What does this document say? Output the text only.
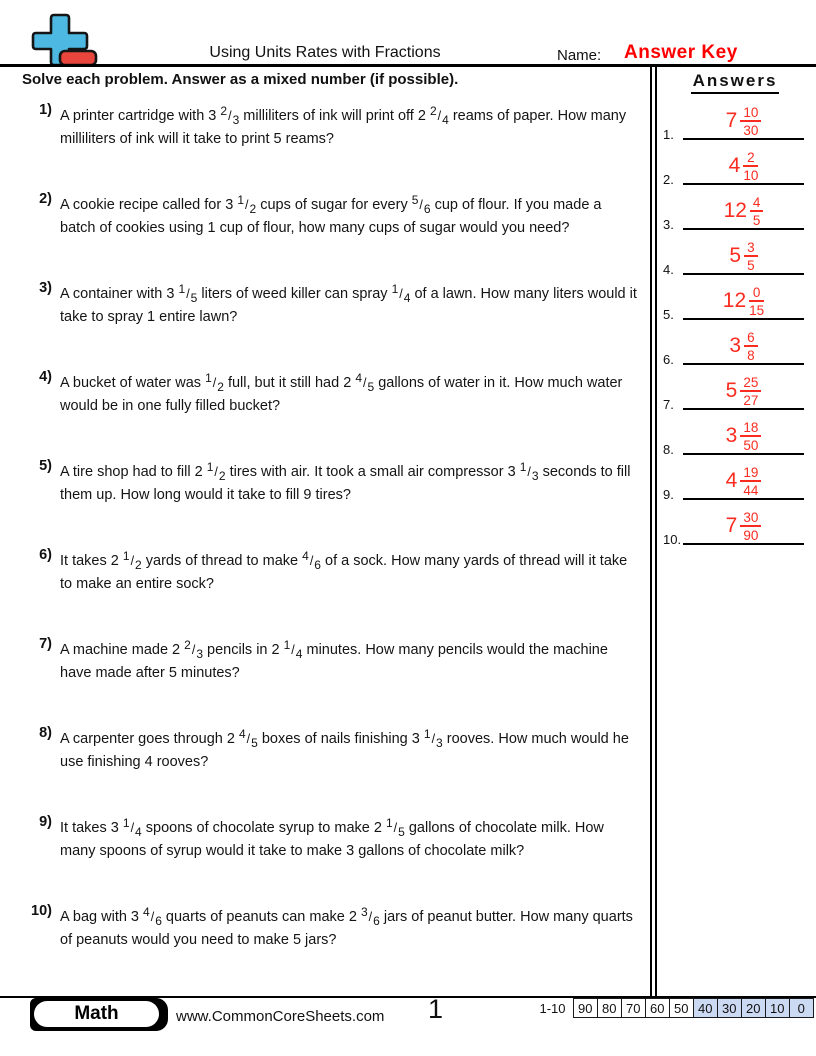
Using Units Rates with Fractions	Name: Answer Key
Solve each problem. Answer as a mixed number (if possible).	Answers
1) A printer cartridge with 3 $^2/_3$ milliliters of ink will print off 2 $^2/_4$ reams of paper. How many milliliters of ink will it take to print 5 reams?
2) A cookie recipe called for 3 $^1/_2$ cups of sugar for every $^5/_6$ cup of flour. If you made a batch of cookies using 1 cup of flour, how many cups of sugar would you need?
3) A container with 3 $^1/_5$ liters of weed killer can spray $^1/_4$ of a lawn. How many liters would it take to spray 1 entire lawn?
4) A bucket of water was $^1/_2$ full, but it still had 2 $^4/_5$ gallons of water in it. How much water would be in one fully filled bucket?
5) A tire shop had to fill 2 $^1/_2$ tires with air. It took a small air compressor 3 $^1/_3$ seconds to fill them up. How long would it take to fill 9 tires?
6) It takes 2 $^1/_2$ yards of thread to make $^4/_6$ of a sock. How many yards of thread will it take to make an entire sock?
7) A machine made 2 $^2/_3$ pencils in 2 $^1/_4$ minutes. How many pencils would the machine have made after 5 minutes?
8) A carpenter goes through 2 $^4/_5$ boxes of nails finishing 3 $^1/_3$ rooves. How much would he use finishing 4 rooves?
9) It takes 3 $^1/_4$ spoons of chocolate syrup to make 2 $^1/_5$ gallons of chocolate milk. How many spoons of syrup would it take to make 3 gallons of chocolate milk?
10) A bag with 3 $^4/_6$ quarts of peanuts can make 2 $^3/_6$ jars of peanut butter. How many quarts of peanuts would you need to make 5 jars?
1.
$7 \frac{10}{30}$
2.
$4 \frac{2}{10}$
3.
$12 \frac{4}{5}$
4.
$5 \frac{3}{5}$
5.
$12 \frac{0}{15}$
6.
$3 \frac{6}{8}$
7.
$5 \frac{25}{27}$
8.
$3 \frac{18}{50}$
9.
$4 \frac{19}{44}$
10.
$7 \frac{30}{90}$
Math	www.CommonCoreSheets.com 1	1-10 90 80 70 60 50 40 30 20 10	0
